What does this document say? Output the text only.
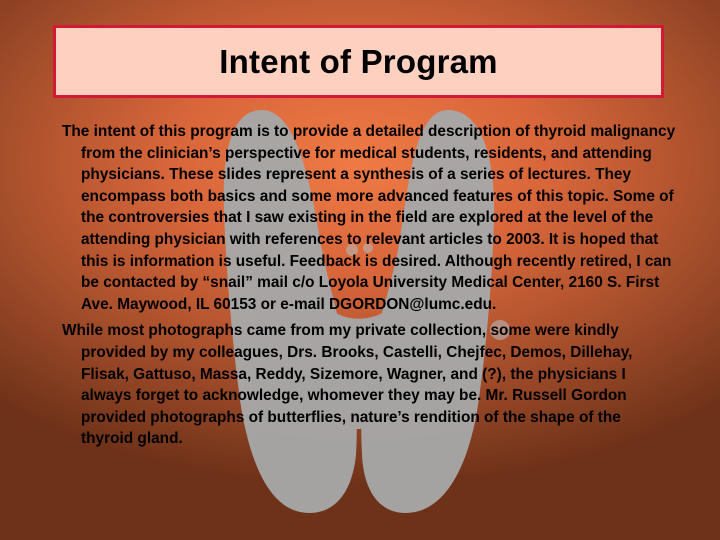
Intent of Program

The intent of this program is to provide a detailed description of thyroid malignancy from the clinician’s perspective for medical students, residents, and attending physicians. These slides represent a synthesis of a series of lectures. They encompass both basics and some more advanced features of this topic. Some of the controversies that I saw existing in the field are explored at the level of the attending physician with references to relevant articles to 2003. It is hoped that this is information is useful. Feedback is desired. Although recently retired, I can be contacted by “snail” mail c/o Loyola University Medical Center, 2160 S. First Ave. Maywood, IL 60153 or e-mail DGORDON@lumc.edu.

While most photographs came from my private collection, some were kindly provided by my colleagues, Drs. Brooks, Castelli, Chejfec, Demos, Dillehay, Flisak, Gattuso, Massa, Reddy, Sizemore, Wagner, and (?), the physicians I always forget to acknowledge, whomever they may be. Mr. Russell Gordon provided photographs of butterflies, nature’s rendition of the shape of the thyroid gland.
